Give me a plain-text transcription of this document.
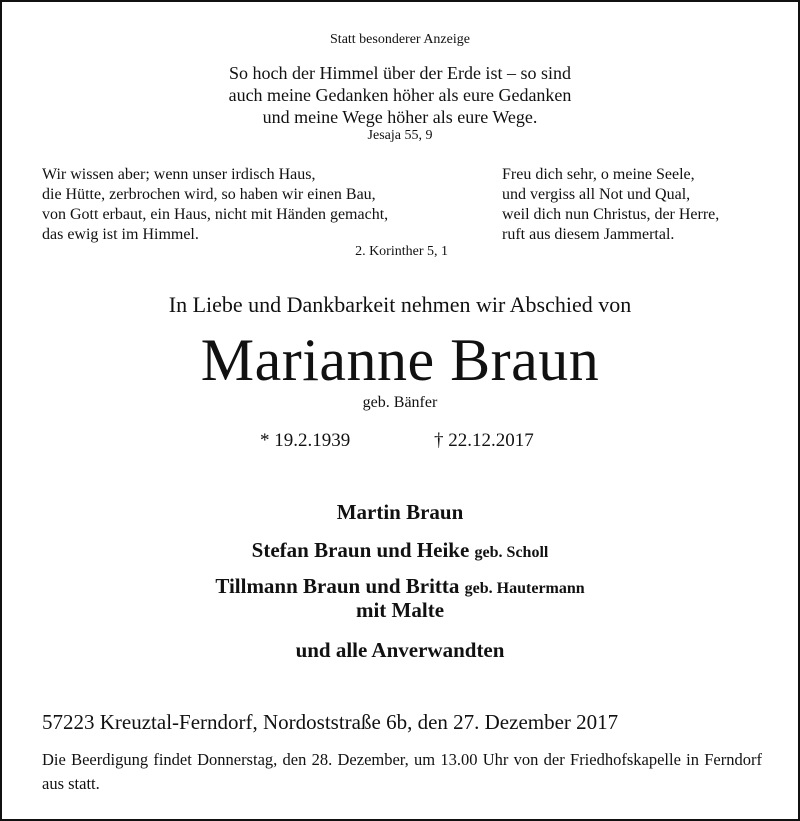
Statt besonderer Anzeige
So hoch der Himmel über der Erde ist – so sind
auch meine Gedanken höher als eure Gedanken
und meine Wege höher als eure Wege.
Jesaja 55, 9
Wir wissen aber; wenn unser irdisch Haus,
die Hütte, zerbrochen wird, so haben wir einen Bau,
von Gott erbaut, ein Haus, nicht mit Händen gemacht,
das ewig ist im Himmel.
2. Korinther 5, 1
Freu dich sehr, o meine Seele,
und vergiss all Not und Qual,
weil dich nun Christus, der Herre,
ruft aus diesem Jammertal.
In Liebe und Dankbarkeit nehmen wir Abschied von
Marianne Braun
geb. Bänfer
* 19.2.1939	† 22.12.2017
Martin Braun
Stefan Braun und Heike geb. Scholl
Tillmann Braun und Britta geb. Hautermann
mit Malte
und alle Anverwandten
57223 Kreuztal-Ferndorf, Nordoststraße 6b, den 27. Dezember 2017
Die Beerdigung findet Donnerstag, den 28. Dezember, um 13.00 Uhr von der Friedhofskapelle in Ferndorf aus statt.
